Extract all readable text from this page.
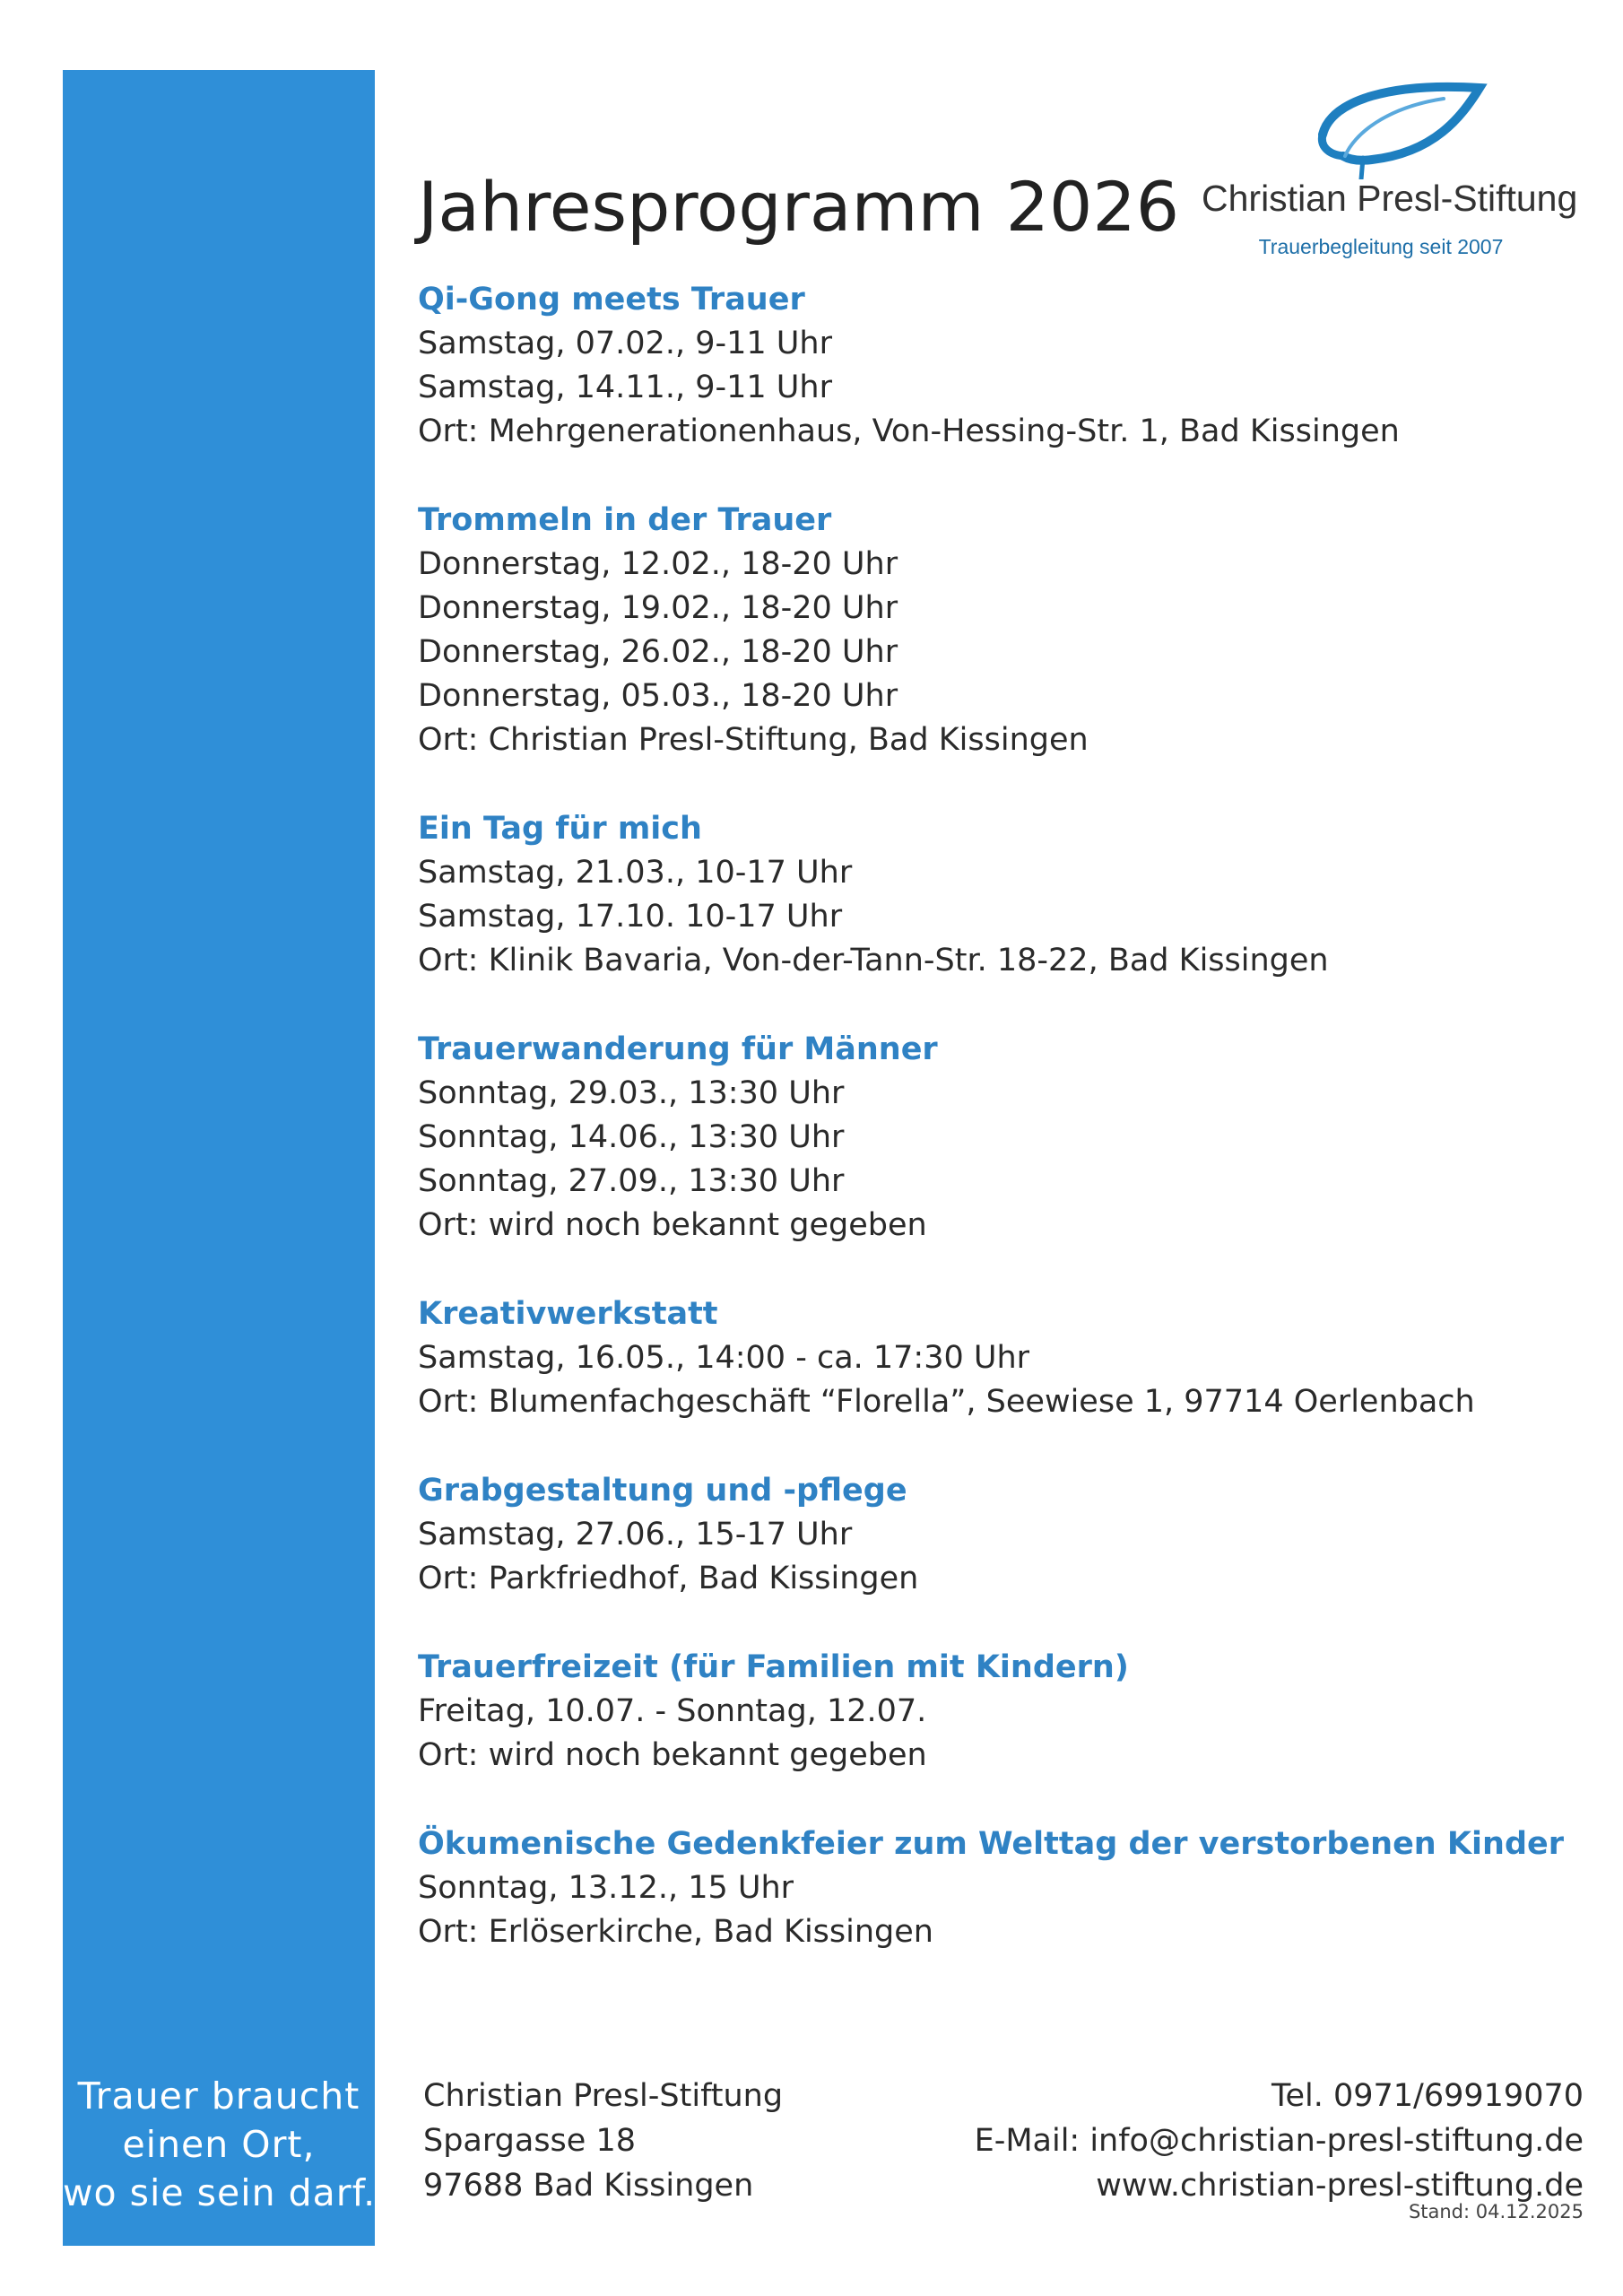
Trauer braucht
einen Ort,
wo sie sein darf.
Jahresprogramm 2026 Christian Presl-Stiftung
Trauerbegleitung seit 2007
Qi-Gong meets Trauer
Samstag, 07.02., 9-11 Uhr
Samstag, 14.11., 9-11 Uhr
Ort: Mehrgenerationenhaus, Von-Hessing-Str. 1, Bad Kissingen
Trommeln in der Trauer
Donnerstag, 12.02., 18-20 Uhr
Donnerstag, 19.02., 18-20 Uhr
Donnerstag, 26.02., 18-20 Uhr
Donnerstag, 05.03., 18-20 Uhr
Ort: Christian Presl-Stiftung, Bad Kissingen
Ein Tag für mich
Samstag, 21.03., 10-17 Uhr
Samstag, 17.10. 10-17 Uhr
Ort: Klinik Bavaria, Von-der-Tann-Str. 18-22, Bad Kissingen
Trauerwanderung für Männer
Sonntag, 29.03., 13:30 Uhr
Sonntag, 14.06., 13:30 Uhr
Sonntag, 27.09., 13:30 Uhr
Ort: wird noch bekannt gegeben
Kreativwerkstatt
Samstag, 16.05., 14:00 - ca. 17:30 Uhr
Ort: Blumenfachgeschäft “Florella”, Seewiese 1, 97714 Oerlenbach
Grabgestaltung und -pflege
Samstag, 27.06., 15-17 Uhr
Ort: Parkfriedhof, Bad Kissingen
Trauerfreizeit (für Familien mit Kindern)
Freitag, 10.07. - Sonntag, 12.07.
Ort: wird noch bekannt gegeben
Ökumenische Gedenkfeier zum Welttag der verstorbenen Kinder
Sonntag, 13.12., 15 Uhr
Ort: Erlöserkirche, Bad Kissingen
Christian Presl-Stiftung
Spargasse 18
97688 Bad Kissingen
Tel. 0971/69919070
E-Mail: info@christian-presl-stiftung.de
www.christian-presl-stiftung.de
Stand: 04.12.2025
